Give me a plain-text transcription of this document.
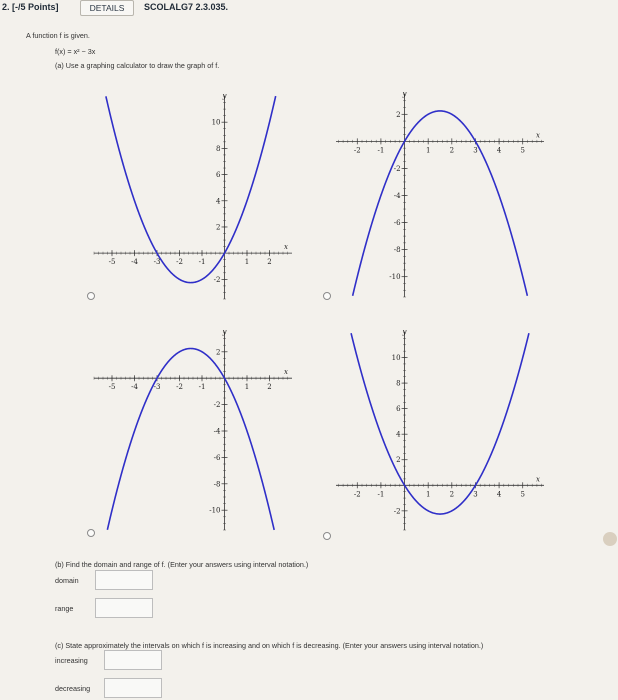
2. [-/5 Points]	DETAILS	SCOLALG7 2.3.035.
A function f is given.
f(x) = x² − 3x
(a) Use a graphing calculator to draw the graph of f.
-5 -4 -3 -2 -1	1	2
10
8
6
4
2
-2
x
y
-2 -1	1	2	3	4	5
2
-2
-4
-6
-8
-10
x
y
-5 -4 -3 -2 -1	1	2
2
-2
-4
-6
-8
-10
x
y
-2 -1	1	2	3	4	5
10
8
6
4
2
-2
x
y
(b) Find the domain and range of f. (Enter your answers using interval notation.)
domain
range
(c) State approximately the intervals on which f is increasing and on which f is decreasing. (Enter your answers using interval notation.)
increasing
decreasing
